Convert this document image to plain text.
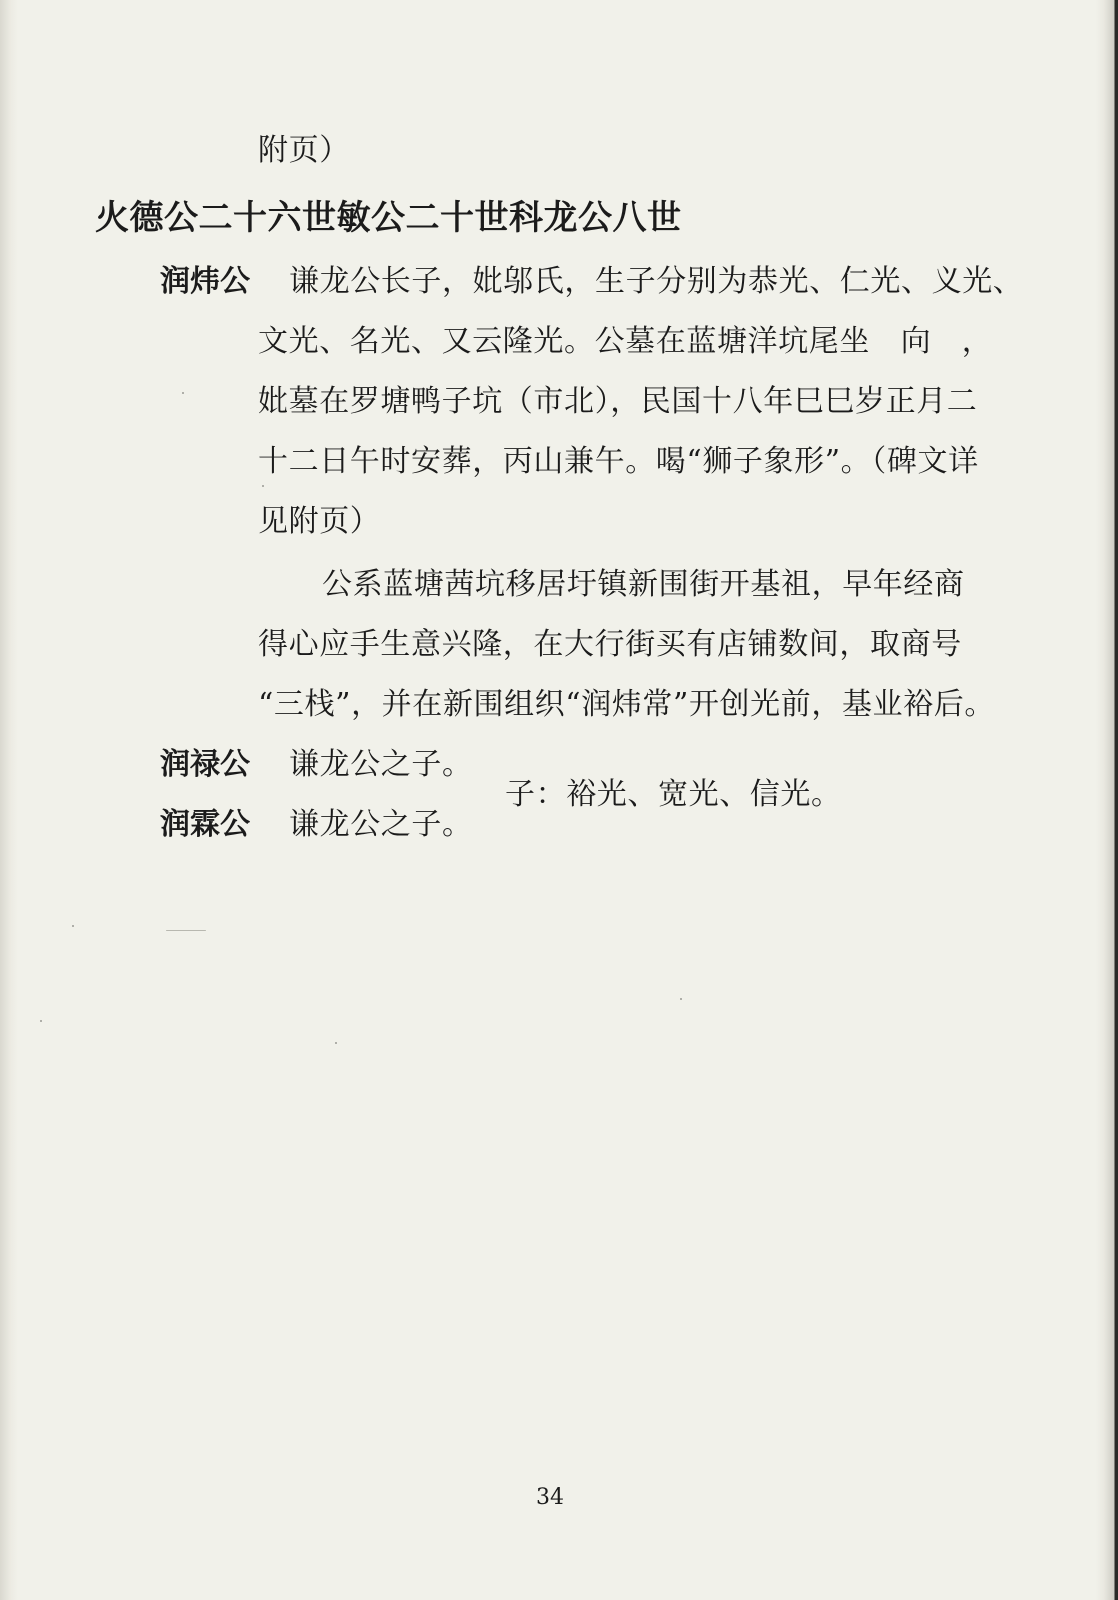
附页）
火德公二十六世敏公二十世科龙公八世
润炜公 谦龙公长子，妣邬氏，生子分别为恭光、仁光、义光、
文光、名光、又云隆光。公墓在蓝塘洋坑尾坐　向　，
妣墓在罗塘鸭子坑（市北），民国十八年巳巳岁正月二
十二日午时安葬，丙山兼午。喝“狮子象形”。（碑文详
见附页）
公系蓝塘茜坑移居圩镇新围街开基祖，早年经商
得心应手生意兴隆，在大行街买有店铺数间，取商号
“三栈”，并在新围组织“润炜常”开创光前，基业裕后。
润禄公 谦龙公之子。
子：裕光、宽光、信光。
润霖公 谦龙公之子。
34
